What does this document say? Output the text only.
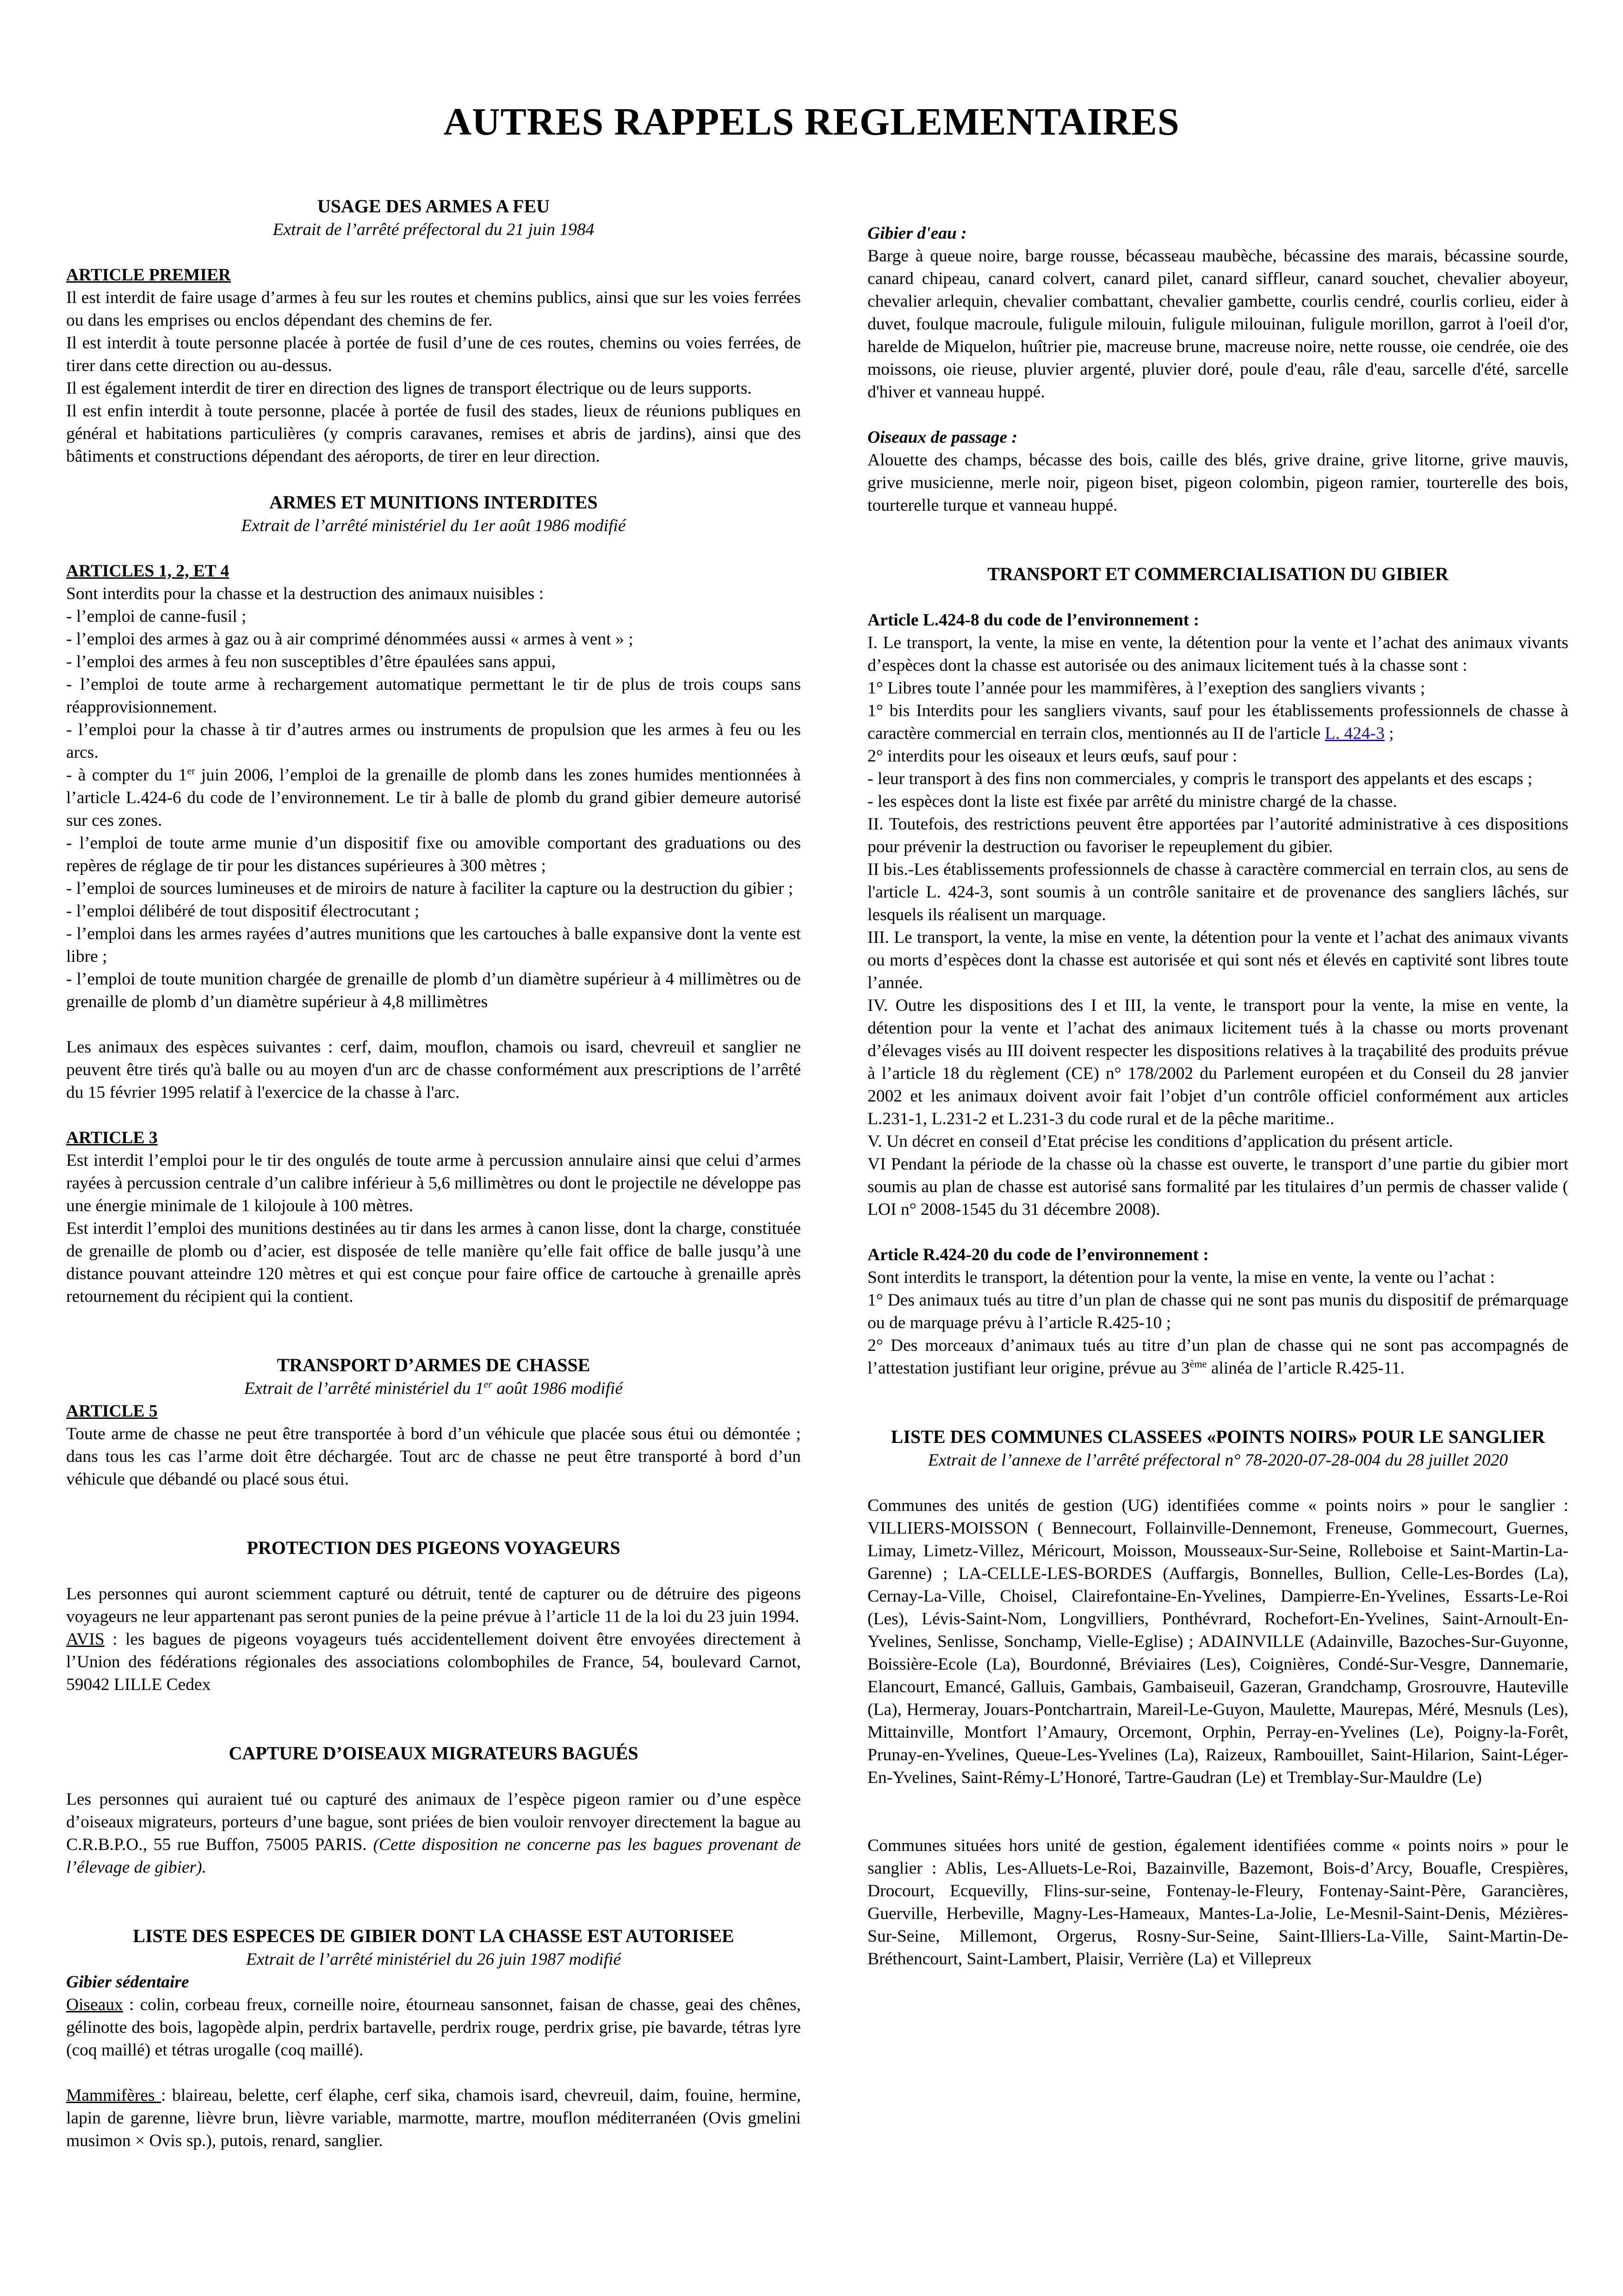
AUTRES RAPPELS REGLEMENTAIRES
USAGE DES ARMES A FEU

Extrait de l’arrêté préfectoral du 21 juin 1984

ARTICLE PREMIER

Il est interdit de faire usage d’armes à feu sur les routes et chemins publics, ainsi que sur les voies ferrées ou dans les emprises ou enclos dépendant des chemins de fer.

Il est interdit à toute personne placée à portée de fusil d’une de ces routes, chemins ou voies ferrées, de tirer dans cette direction ou au-dessus.

Il est également interdit de tirer en direction des lignes de transport électrique ou de leurs supports.

Il est enfin interdit à toute personne, placée à portée de fusil des stades, lieux de réunions publiques en général et habitations particulières (y compris caravanes, remises et abris de jardins), ainsi que des bâtiments et constructions dépendant des aéroports, de tirer en leur direction.

ARMES ET MUNITIONS INTERDITES

Extrait de l’arrêté ministériel du 1er août 1986 modifié

ARTICLES 1, 2, ET 4

Sont interdits pour la chasse et la destruction des animaux nuisibles :

- l’emploi de canne-fusil ;

- l’emploi des armes à gaz ou à air comprimé dénommées aussi « armes à vent » ;

- l’emploi des armes à feu non susceptibles d’être épaulées sans appui,

- l’emploi de toute arme à rechargement automatique permettant le tir de plus de trois coups sans réapprovisionnement.

- l’emploi pour la chasse à tir d’autres armes ou instruments de propulsion que les armes à feu ou les arcs.

- à compter du 1er juin 2006, l’emploi de la grenaille de plomb dans les zones humides mentionnées à l’article L.424-6 du code de l’environnement. Le tir à balle de plomb du grand gibier demeure autorisé sur ces zones.

- l’emploi de toute arme munie d’un dispositif fixe ou amovible comportant des graduations ou des repères de réglage de tir pour les distances supérieures à 300 mètres ;

- l’emploi de sources lumineuses et de miroirs de nature à faciliter la capture ou la destruction du gibier ;

- l’emploi délibéré de tout dispositif électrocutant ;

- l’emploi dans les armes rayées d’autres munitions que les cartouches à balle expansive dont la vente est libre ;

- l’emploi de toute munition chargée de grenaille de plomb d’un diamètre supérieur à 4 millimètres ou de grenaille de plomb d’un diamètre supérieur à 4,8 millimètres

Les animaux des espèces suivantes : cerf, daim, mouflon, chamois ou isard, chevreuil et sanglier ne peuvent être tirés qu'à balle ou au moyen d'un arc de chasse conformément aux prescriptions de l’arrêté du 15 février 1995 relatif à l'exercice de la chasse à l'arc.

ARTICLE 3

Est interdit l’emploi pour le tir des ongulés de toute arme à percussion annulaire ainsi que celui d’armes rayées à percussion centrale d’un calibre inférieur à 5,6 millimètres ou dont le projectile ne développe pas une énergie minimale de 1 kilojoule à 100 mètres.

Est interdit l’emploi des munitions destinées au tir dans les armes à canon lisse, dont la charge, constituée de grenaille de plomb ou d’acier, est disposée de telle manière qu’elle fait office de balle jusqu’à une distance pouvant atteindre 120 mètres et qui est conçue pour faire office de cartouche à grenaille après retournement du récipient qui la contient.

TRANSPORT D’ARMES DE CHASSE

Extrait de l’arrêté ministériel du 1er août 1986 modifié

ARTICLE 5

Toute arme de chasse ne peut être transportée à bord d’un véhicule que placée sous étui ou démontée ; dans tous les cas l’arme doit être déchargée. Tout arc de chasse ne peut être transporté à bord d’un véhicule que débandé ou placé sous étui.

PROTECTION DES PIGEONS VOYAGEURS

Les personnes qui auront sciemment capturé ou détruit, tenté de capturer ou de détruire des pigeons voyageurs ne leur appartenant pas seront punies de la peine prévue à l’article 11 de la loi du 23 juin 1994.

AVIS : les bagues de pigeons voyageurs tués accidentellement doivent être envoyées directement à l’Union des fédérations régionales des associations colombophiles de France, 54, boulevard Carnot, 59042 LILLE Cedex

CAPTURE D’OISEAUX MIGRATEURS BAGUÉS

Les personnes qui auraient tué ou capturé des animaux de l’espèce pigeon ramier ou d’une espèce d’oiseaux migrateurs, porteurs d’une bague, sont priées de bien vouloir renvoyer directement la bague au C.R.B.P.O., 55 rue Buffon, 75005 PARIS. (Cette disposition ne concerne pas les bagues provenant de l’élevage de gibier).

LISTE DES ESPECES DE GIBIER DONT LA CHASSE EST AUTORISEE

Extrait de l’arrêté ministériel du 26 juin 1987 modifié

Gibier sédentaire

Oiseaux : colin, corbeau freux, corneille noire, étourneau sansonnet, faisan de chasse, geai des chênes, gélinotte des bois, lagopède alpin, perdrix bartavelle, perdrix rouge, perdrix grise, pie bavarde, tétras lyre (coq maillé) et tétras urogalle (coq maillé).

Mammifères : blaireau, belette, cerf élaphe, cerf sika, chamois isard, chevreuil, daim, fouine, hermine, lapin de garenne, lièvre brun, lièvre variable, marmotte, martre, mouflon méditerranéen (Ovis gmelini musimon × Ovis sp.), putois, renard, sanglier.

Gibier d'eau :

Barge à queue noire, barge rousse, bécasseau maubèche, bécassine des marais, bécassine sourde, canard chipeau, canard colvert, canard pilet, canard siffleur, canard souchet, chevalier aboyeur, chevalier arlequin, chevalier combattant, chevalier gambette, courlis cendré, courlis corlieu, eider à duvet, foulque macroule, fuligule milouin, fuligule milouinan, fuligule morillon, garrot à l'oeil d'or, harelde de Miquelon, huîtrier pie, macreuse brune, macreuse noire, nette rousse, oie cendrée, oie des moissons, oie rieuse, pluvier argenté, pluvier doré, poule d'eau, râle d'eau, sarcelle d'été, sarcelle d'hiver et vanneau huppé.

Oiseaux de passage :

Alouette des champs, bécasse des bois, caille des blés, grive draine, grive litorne, grive mauvis, grive musicienne, merle noir, pigeon biset, pigeon colombin, pigeon ramier, tourterelle des bois, tourterelle turque et vanneau huppé.

TRANSPORT ET COMMERCIALISATION DU GIBIER

Article L.424-8 du code de l’environnement :

I. Le transport, la vente, la mise en vente, la détention pour la vente et l’achat des animaux vivants d’espèces dont la chasse est autorisée ou des animaux licitement tués à la chasse sont :

1° Libres toute l’année pour les mammifères, à l’exeption des sangliers vivants ;

1° bis Interdits pour les sangliers vivants, sauf pour les établissements professionnels de chasse à caractère commercial en terrain clos, mentionnés au II de l'article L. 424-3 ;

2° interdits pour les oiseaux et leurs œufs, sauf pour :

- leur transport à des fins non commerciales, y compris le transport des appelants et des escaps ;

- les espèces dont la liste est fixée par arrêté du ministre chargé de la chasse.

II. Toutefois, des restrictions peuvent être apportées par l’autorité administrative à ces dispositions pour prévenir la destruction ou favoriser le repeuplement du gibier.

II bis.-Les établissements professionnels de chasse à caractère commercial en terrain clos, au sens de l'article L. 424-3, sont soumis à un contrôle sanitaire et de provenance des sangliers lâchés, sur lesquels ils réalisent un marquage.

III. Le transport, la vente, la mise en vente, la détention pour la vente et l’achat des animaux vivants ou morts d’espèces dont la chasse est autorisée et qui sont nés et élevés en captivité sont libres toute l’année.

IV. Outre les dispositions des I et III, la vente, le transport pour la vente, la mise en vente, la détention pour la vente et l’achat des animaux licitement tués à la chasse ou morts provenant d’élevages visés au III doivent respecter les dispositions relatives à la traçabilité des produits prévue à l’article 18 du règlement (CE) n° 178/2002 du Parlement européen et du Conseil du 28 janvier 2002 et les animaux doivent avoir fait l’objet d’un contrôle officiel conformément aux articles L.231-1, L.231-2 et L.231-3 du code rural et de la pêche maritime..

V. Un décret en conseil d’Etat précise les conditions d’application du présent article.

VI Pendant la période de la chasse où la chasse est ouverte, le transport d’une partie du gibier mort soumis au plan de chasse est autorisé sans formalité par les titulaires d’un permis de chasser valide ( LOI n° 2008-1545 du 31 décembre 2008).

Article R.424-20 du code de l’environnement :

Sont interdits le transport, la détention pour la vente, la mise en vente, la vente ou l’achat :

1° Des animaux tués au titre d’un plan de chasse qui ne sont pas munis du dispositif de prémarquage ou de marquage prévu à l’article R.425-10 ;

2° Des morceaux d’animaux tués au titre d’un plan de chasse qui ne sont pas accompagnés de l’attestation justifiant leur origine, prévue au 3ème alinéa de l’article R.425-11.

LISTE DES COMMUNES CLASSEES «POINTS NOIRS» POUR LE SANGLIER

Extrait de l’annexe de l’arrêté préfectoral n° 78-2020-07-28-004 du 28 juillet 2020

Communes des unités de gestion (UG) identifiées comme « points noirs » pour le sanglier : VILLIERS-MOISSON ( Bennecourt, Follainville-Dennemont, Freneuse, Gommecourt, Guernes, Limay, Limetz-Villez, Méricourt, Moisson, Mousseaux-Sur-Seine, Rolleboise et Saint-Martin-La-Garenne) ; LA-CELLE-LES-BORDES (Auffargis, Bonnelles, Bullion, Celle-Les-Bordes (La), Cernay-La-Ville, Choisel, Clairefontaine-En-Yvelines, Dampierre-En-Yvelines, Essarts-Le-Roi (Les), Lévis-Saint-Nom, Longvilliers, Ponthévrard, Rochefort-En-Yvelines, Saint-Arnoult-En-Yvelines, Senlisse, Sonchamp, Vielle-Eglise) ; ADAINVILLE (Adainville, Bazoches-Sur-Guyonne, Boissière-Ecole (La), Bourdonné, Bréviaires (Les), Coignières, Condé-Sur-Vesgre, Dannemarie, Elancourt, Emancé, Galluis, Gambais, Gambaiseuil, Gazeran, Grandchamp, Grosrouvre, Hauteville (La), Hermeray, Jouars-Pontchartrain, Mareil-Le-Guyon, Maulette, Maurepas, Méré, Mesnuls (Les), Mittainville, Montfort l’Amaury, Orcemont, Orphin, Perray-en-Yvelines (Le), Poigny-la-Forêt, Prunay-en-Yvelines, Queue-Les-Yvelines (La), Raizeux, Rambouillet, Saint-Hilarion, Saint-Léger-En-Yvelines, Saint-Rémy-L’Honoré, Tartre-Gaudran (Le) et Tremblay-Sur-Mauldre (Le)

Communes situées hors unité de gestion, également identifiées comme « points noirs » pour le sanglier : Ablis, Les-Alluets-Le-Roi, Bazainville, Bazemont, Bois-d’Arcy, Bouafle, Crespières, Drocourt, Ecquevilly, Flins-sur-seine, Fontenay-le-Fleury, Fontenay-Saint-Père, Garancières, Guerville, Herbeville, Magny-Les-Hameaux, Mantes-La-Jolie, Le-Mesnil-Saint-Denis, Mézières-Sur-Seine, Millemont, Orgerus, Rosny-Sur-Seine, Saint-Illiers-La-Ville, Saint-Martin-De-Bréthencourt, Saint-Lambert, Plaisir, Verrière (La) et Villepreux
